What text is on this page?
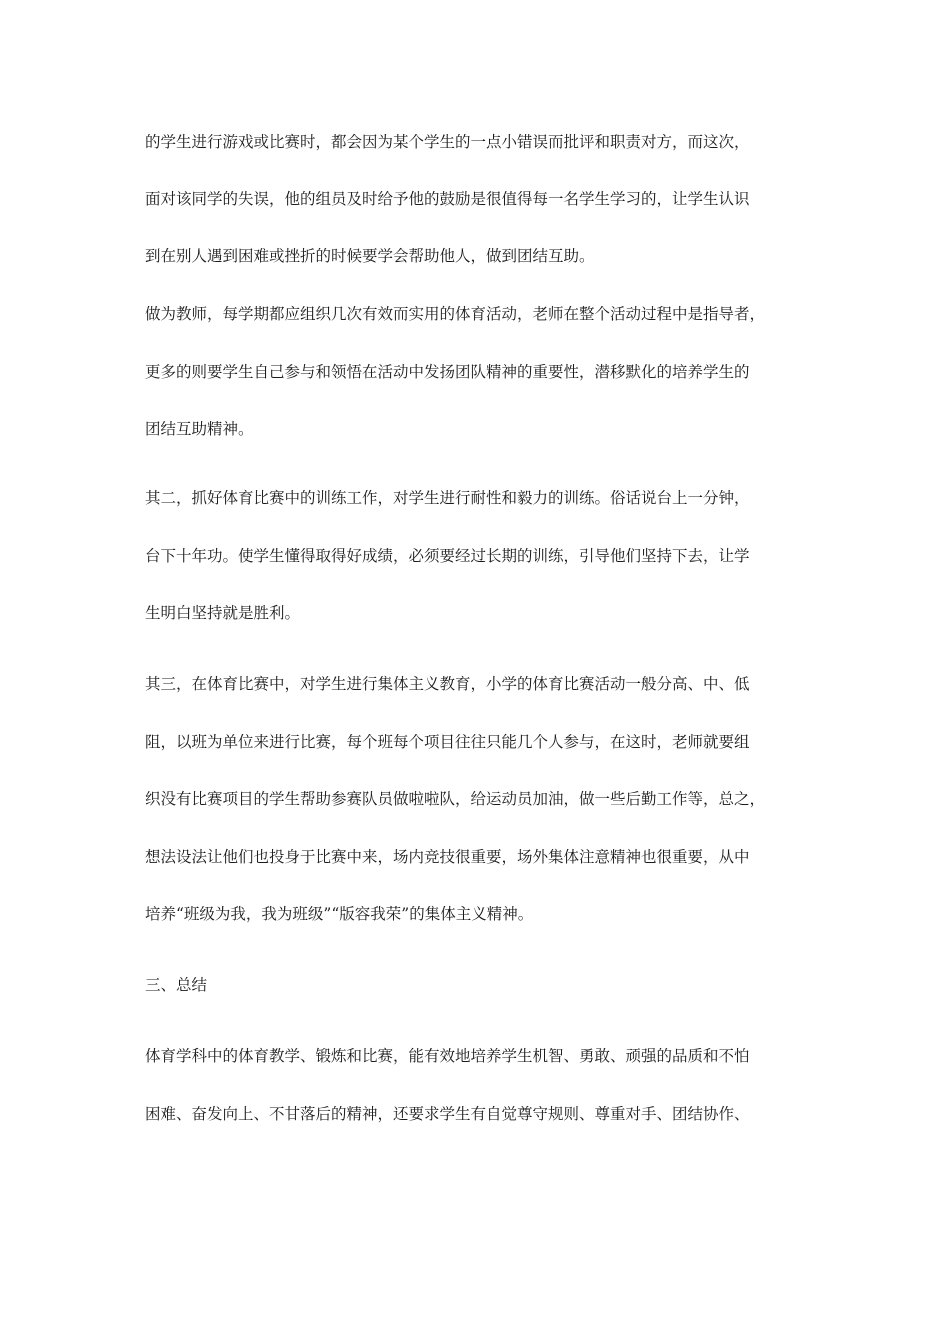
的学生进行游戏或比赛时，都会因为某个学生的一点小错误而批评和职责对方，而这次，
面对该同学的失误，他的组员及时给予他的鼓励是很值得每一名学生学习的，让学生认识
到在别人遇到困难或挫折的时候要学会帮助他人，做到团结互助。
做为教师，每学期都应组织几次有效而实用的体育活动，老师在整个活动过程中是指导者，
更多的则要学生自己参与和领悟在活动中发扬团队精神的重要性，潜移默化的培养学生的
团结互助精神。
其二，抓好体育比赛中的训练工作，对学生进行耐性和毅力的训练。俗话说台上一分钟，
台下十年功。使学生懂得取得好成绩，必须要经过长期的训练，引导他们坚持下去，让学
生明白坚持就是胜利。
其三，在体育比赛中，对学生进行集体主义教育，小学的体育比赛活动一般分高、中、低
阻，以班为单位来进行比赛，每个班每个项目往往只能几个人参与，在这时，老师就要组
织没有比赛项目的学生帮助参赛队员做啦啦队，给运动员加油，做一些后勤工作等，总之，
想法设法让他们也投身于比赛中来，场内竞技很重要，场外集体注意精神也很重要，从中
培养“班级为我，我为班级”“版容我荣”的集体主义精神。
三、总结
体育学科中的体育教学、锻炼和比赛，能有效地培养学生机智、勇敢、顽强的品质和不怕
困难、奋发向上、不甘落后的精神，还要求学生有自觉尊守规则、尊重对手、团结协作、
